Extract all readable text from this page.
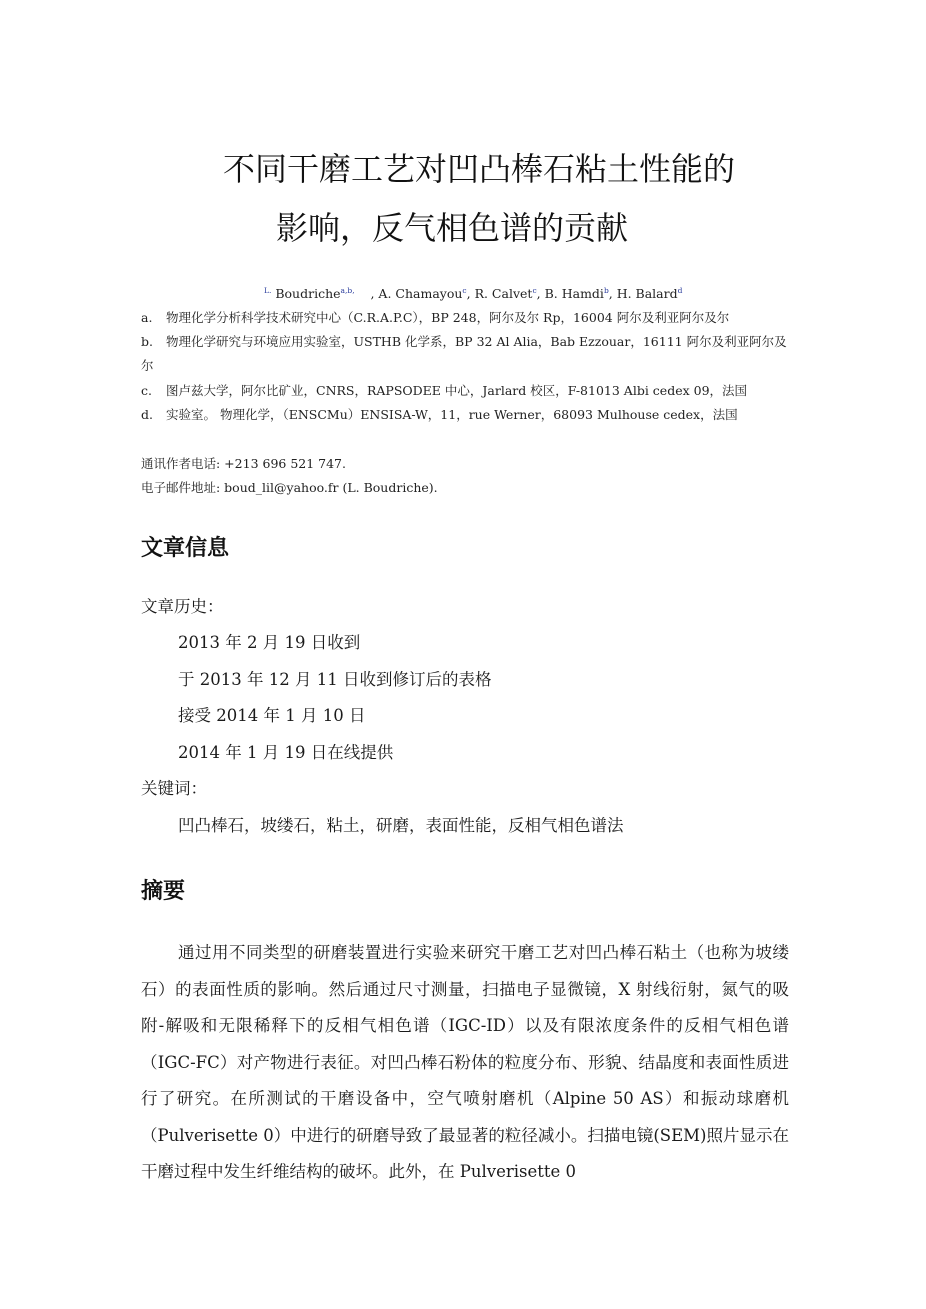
不同干磨工艺对凹凸棒石粘土性能的
影响，反气相色谱的贡献
$^{L.}$ Boudriche$^{a,b,}$    , A. Chamayou$^c$, R. Calvet$^c$, B. Hamdi$^b$, H. Balard$^d$
a. 物理化学分析科学技术研究中心（C.R.A.P.C），BP 248，阿尔及尔 Rp，16004 阿尔及利亚阿尔及尔
b. 物理化学研究与环境应用实验室，USTHB 化学系，BP 32 Al Alia，Bab Ezzouar，16111 阿尔及利亚阿尔及尔
c. 图卢兹大学，阿尔比矿业，CNRS，RAPSODEE 中心，Jarlard 校区，F-81013 Albi cedex 09，法国
d. 实验室。 物理化学，（ENSCMu）ENSISA-W，11，rue Werner，68093 Mulhouse cedex，法国
通讯作者电话: +213 696 521 747.
电子邮件地址: boud_lil@yahoo.fr (L. Boudriche).
文章信息
文章历史：
2013 年 2 月 19 日收到
于 2013 年 12 月 11 日收到修订后的表格
接受 2014 年 1 月 10 日
2014 年 1 月 19 日在线提供
关键词：
凹凸棒石，坡缕石，粘土，研磨，表面性能，反相气相色谱法
摘要

通过用不同类型的研磨装置进行实验来研究干磨工艺对凹凸棒石粘土（也称为坡缕石）的表面性质的影响。然后通过尺寸测量，扫描电子显微镜，X 射线衍射，氮气的吸附-解吸和无限稀释下的反相气相色谱（IGC-ID）以及有限浓度条件的反相气相色谱（IGC-FC）对产物进行表征。对凹凸棒石粉体的粒度分布、形貌、结晶度和表面性质进行了研究。在所测试的干磨设备中，空气喷射磨机（Alpine 50 AS）和振动球磨机（Pulverisette 0）中进行的研磨导致了最显著的粒径减小。扫描电镜(SEM)照片显示在干磨过程中发生纤维结构的破坏。此外，在 Pulverisette 0
